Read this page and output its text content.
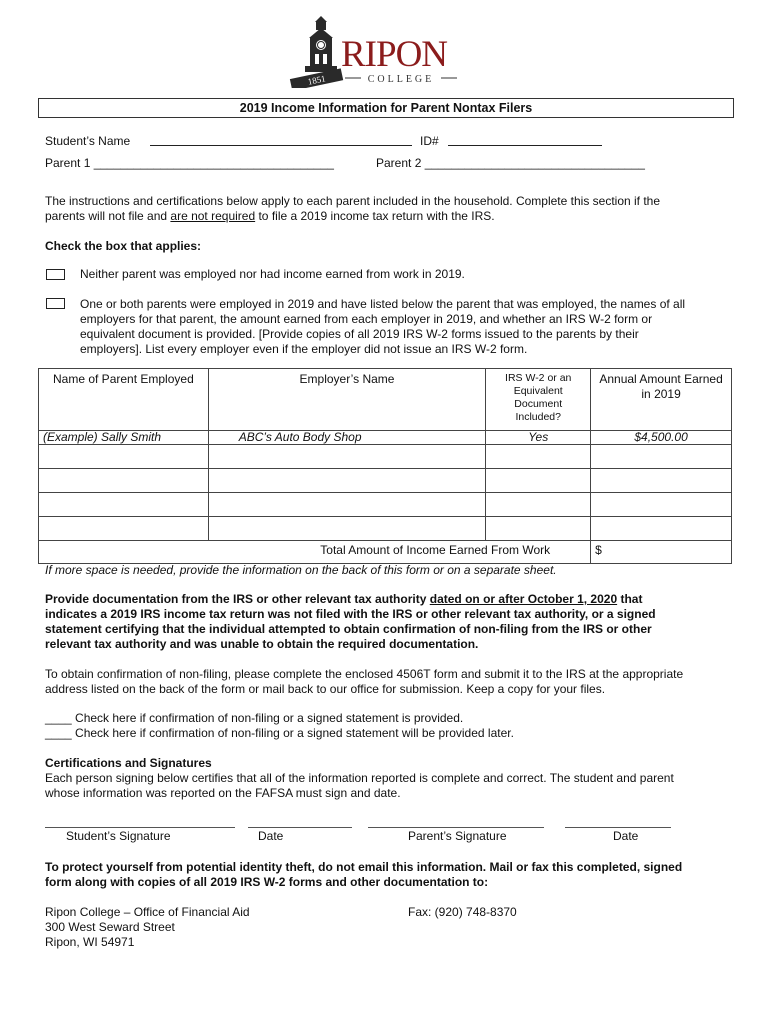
1851
RIPON
COLLEGE
2019 Income Information for Parent Nontax Filers
Student’s Name	ID#
Parent 1 ____________________________________	Parent 2 _________________________________
The instructions and certifications below apply to each parent included in the household. Complete this section if the
parents will not file and are not required to file a 2019 income tax return with the IRS.
Check the box that applies:
Neither parent was employed nor had income earned from work in 2019.
One or both parents were employed in 2019 and have listed below the parent that was employed, the names of all
employers for that parent, the amount earned from each employer in 2019, and whether an IRS W-2 form or
equivalent document is provided. [Provide copies of all 2019 IRS W-2 forms issued to the parents by their
employers]. List every employer even if the employer did not issue an IRS W-2 form.
Name of Parent Employed	Employer’s Name	IRS W-2 or an Equivalent Document Included?	Annual Amount Earned in 2019
(Example) Sally Smith	ABC’s Auto Body Shop	Yes	$4,500.00

Total Amount of Income Earned From Work			$
If more space is needed, provide the information on the back of this form or on a separate sheet.
Provide documentation from the IRS or other relevant tax authority dated on or after October 1, 2020 that
indicates a 2019 IRS income tax return was not filed with the IRS or other relevant tax authority, or a signed
statement certifying that the individual attempted to obtain confirmation of non-filing from the IRS or other
relevant tax authority and was unable to obtain the required documentation.
To obtain confirmation of non-filing, please complete the enclosed 4506T form and submit it to the IRS at the appropriate
address listed on the back of the form or mail back to our office for submission. Keep a copy for your files.
____ Check here if confirmation of non-filing or a signed statement is provided.
____ Check here if confirmation of non-filing or a signed statement will be provided later.
Certifications and Signatures
Each person signing below certifies that all of the information reported is complete and correct. The student and parent
whose information was reported on the FAFSA must sign and date.
Student’s Signature	Date	Parent’s Signature	Date
To protect yourself from potential identity theft, do not email this information. Mail or fax this completed, signed
form along with copies of all 2019 IRS W-2 forms and other documentation to:
Ripon College – Office of Financial Aid
300 West Seward Street
Ripon, WI 54971
Fax: (920) 748-8370
